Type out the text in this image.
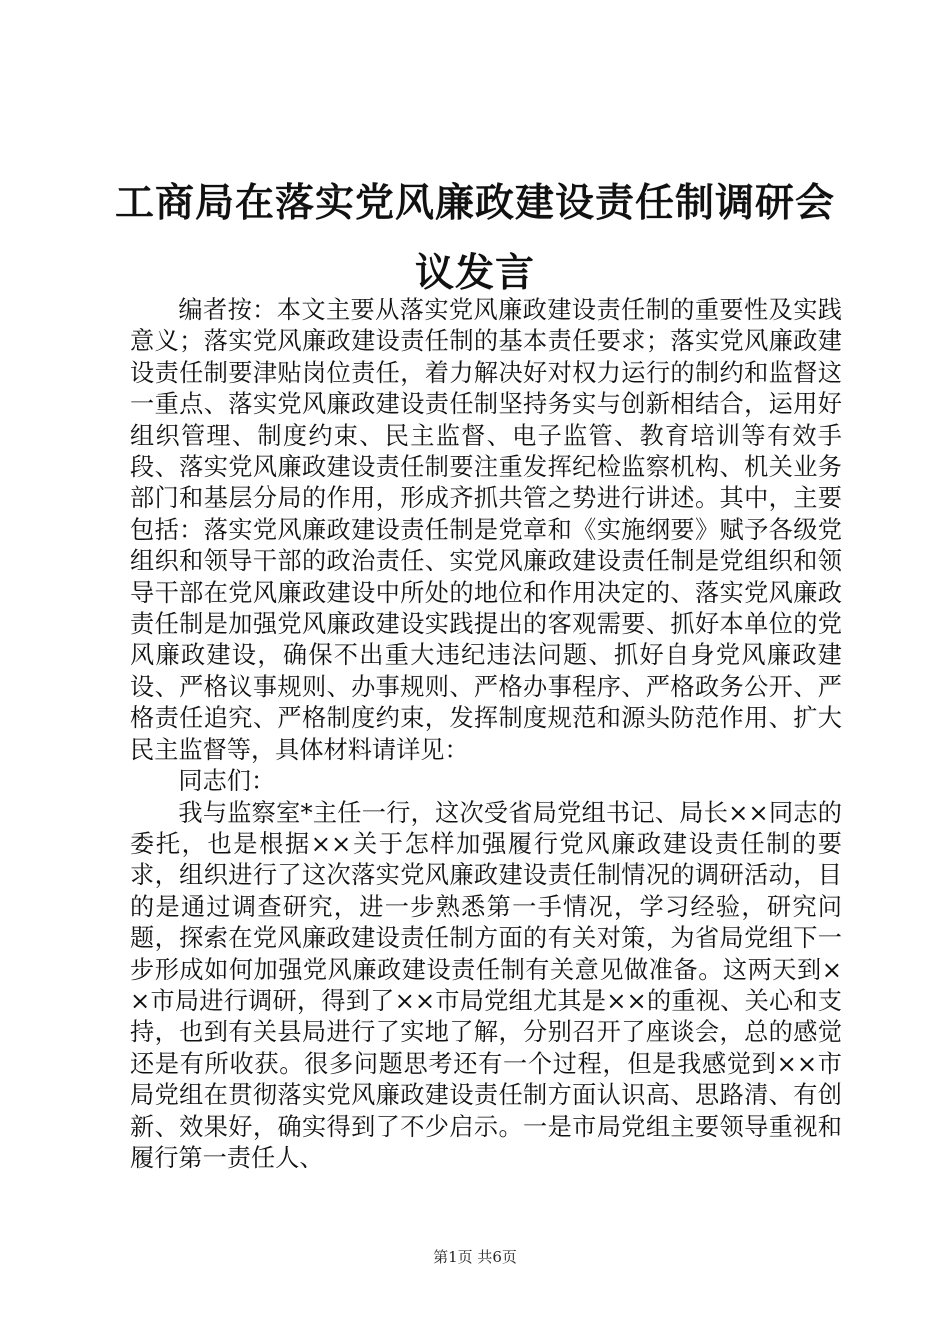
工商局在落实党风廉政建设责任制调研会议发言

编者按：本文主要从落实党风廉政建设责任制的重要性及实践意义；落实党风廉政建设责任制的基本责任要求；落实党风廉政建设责任制要津贴岗位责任，着力解决好对权力运行的制约和监督这一重点、落实党风廉政建设责任制坚持务实与创新相结合，运用好组织管理、制度约束、民主监督、电子监管、教育培训等有效手段、落实党风廉政建设责任制要注重发挥纪检监察机构、机关业务部门和基层分局的作用，形成齐抓共管之势进行讲述。其中，主要包括：落实党风廉政建设责任制是党章和《实施纲要》赋予各级党组织和领导干部的政治责任、实党风廉政建设责任制是党组织和领导干部在党风廉政建设中所处的地位和作用决定的、落实党风廉政责任制是加强党风廉政建设实践提出的客观需要、抓好本单位的党风廉政建设，确保不出重大违纪违法问题、抓好自身党风廉政建设、严格议事规则、办事规则、严格办事程序、严格政务公开、严格责任追究、严格制度约束，发挥制度规范和源头防范作用、扩大民主监督等，具体材料请详见：

同志们：

我与监察室*主任一行，这次受省局党组书记、局长××同志的委托，也是根据××关于怎样加强履行党风廉政建设责任制的要求，组织进行了这次落实党风廉政建设责任制情况的调研活动，目的是通过调查研究，进一步熟悉第一手情况，学习经验，研究问题，探索在党风廉政建设责任制方面的有关对策，为省局党组下一步形成如何加强党风廉政建设责任制有关意见做准备。这两天到××市局进行调研，得到了××市局党组尤其是××的重视、关心和支持，也到有关县局进行了实地了解，分别召开了座谈会，总的感觉还是有所收获。很多问题思考还有一个过程，但是我感觉到××市局党组在贯彻落实党风廉政建设责任制方面认识高、思路清、有创新、效果好，确实得到了不少启示。一是市局党组主要领导重视和履行第一责任人、

第1页 共6页
